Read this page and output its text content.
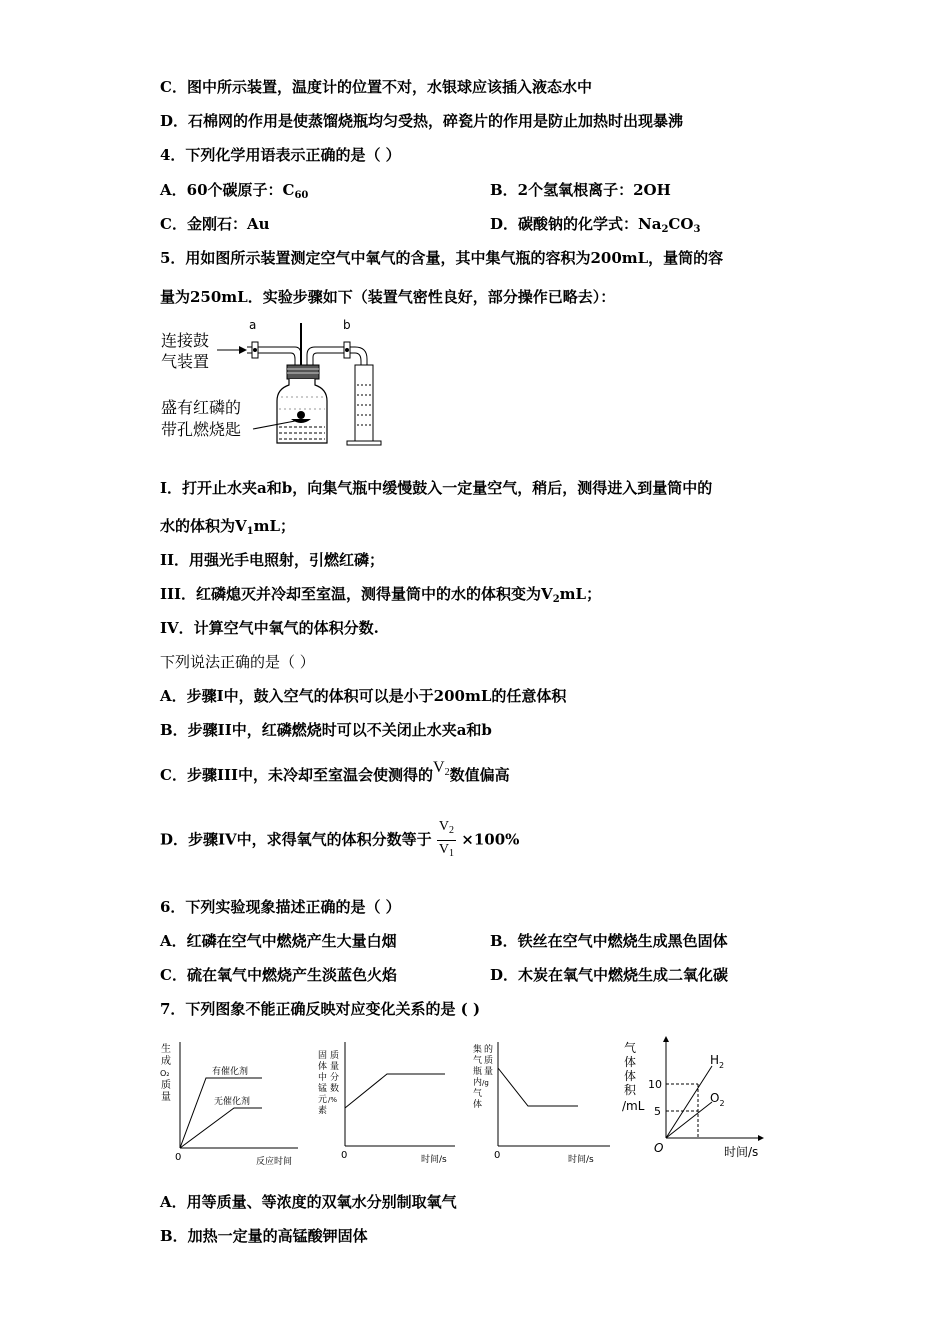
C．图中所示装置，温度计的位置不对，水银球应该插入液态水中
D．石棉网的作用是使蒸馏烧瓶均匀受热，碎瓷片的作用是防止加热时出现暴沸
4．下列化学用语表示正确的是（ ）
A．60个碳原子：$C_{60}$	B．2个氢氧根离子：2OH
C．金刚石：Au	D．碳酸钠的化学式：$Na_2CO_3$
5．用如图所示装置测定空气中氧气的含量，其中集气瓶的容积为200mL，量筒的容
量为250mL．实验步骤如下（装置气密性良好，部分操作已略去）：
连接鼓
气装置
盛有红磷的
带孔燃烧匙
a	b
I．打开止水夹a和b，向集气瓶中缓慢鼓入一定量空气，稍后，测得进入到量筒中的
水的体积为$V_1mL$；
II．用强光手电照射，引燃红磷；
III．红磷熄灭并冷却至室温，测得量筒中的水的体积变为$V_2mL$；
IV．计算空气中氧气的体积分数.
下列说法正确的是（ ）
A．步骤I中，鼓入空气的体积可以是小于200mL的任意体积
B．步骤II中，红磷燃烧时可以不关闭止水夹a和b
C．步骤III中，未冷却至室温会使测得的$V_2$数值偏高
D．步骤IV中，求得氧气的体积分数等于 $\frac{V_2}{V_1} \times 100\%$
6．下列实验现象描述正确的是（ ）
A．红磷在空气中燃烧产生大量白烟	B．铁丝在空气中燃烧生成黑色固体
C．硫在氧气中燃烧产生淡蓝色火焰	D．木炭在氧气中燃烧生成二氧化碳
7．下列图象不能正确反映对应变化关系的是 ( )
生
成
O₂
质
量
有催化剂
无催化剂
0	反应时间
固
体
中
锰
元
素
质
量
分
数
/%
0	时间/s
集
气
瓶
内
气
体
的
质
量
/g
0	时间/s
气
体
体
积
/mL
10
5
$H_2$
$O_2$
O	时间/s
A．用等质量、等浓度的双氧水分别制取氧气
B．加热一定量的高锰酸钾固体
